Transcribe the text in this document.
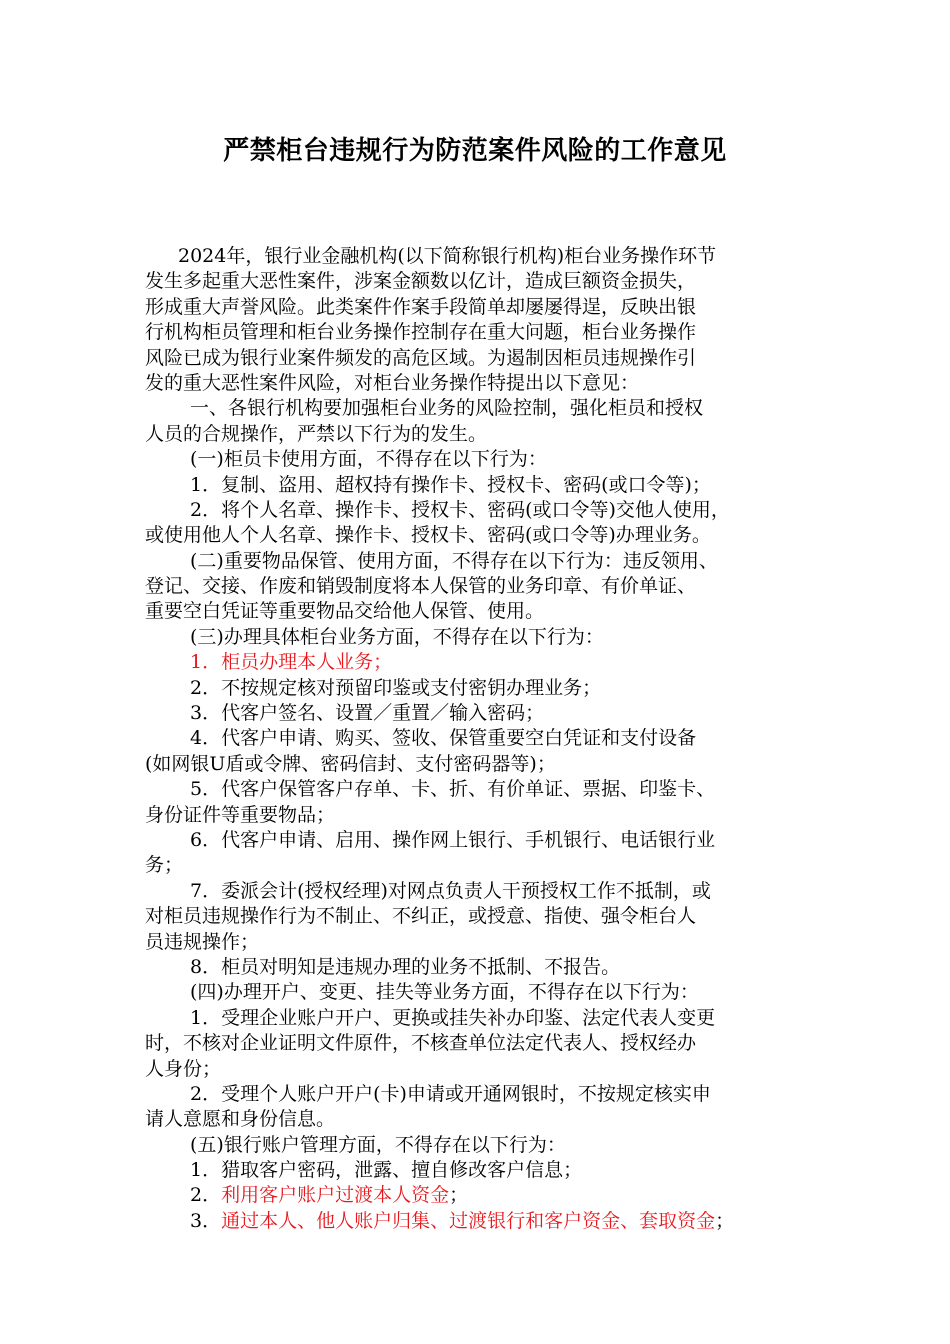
严禁柜台违规行为防范案件风险的工作意见
2024年，银行业金融机构(以下简称银行机构)柜台业务操作环节
发生多起重大恶性案件，涉案金额数以亿计，造成巨额资金损失，
形成重大声誉风险。此类案件作案手段简单却屡屡得逞，反映出银
行机构柜员管理和柜台业务操作控制存在重大问题，柜台业务操作
风险已成为银行业案件频发的高危区域。为遏制因柜员违规操作引
发的重大恶性案件风险，对柜台业务操作特提出以下意见：
一、各银行机构要加强柜台业务的风险控制，强化柜员和授权
人员的合规操作，严禁以下行为的发生。
(一)柜员卡使用方面，不得存在以下行为：
1．复制、盗用、超权持有操作卡、授权卡、密码(或口令等)；
2．将个人名章、操作卡、授权卡、密码(或口令等)交他人使用，
或使用他人个人名章、操作卡、授权卡、密码(或口令等)办理业务。
(二)重要物品保管、使用方面，不得存在以下行为：违反领用、
登记、交接、作废和销毁制度将本人保管的业务印章、有价单证、
重要空白凭证等重要物品交给他人保管、使用。
(三)办理具体柜台业务方面，不得存在以下行为：
1．柜员办理本人业务；
2．不按规定核对预留印鉴或支付密钥办理业务；
3．代客户签名、设置／重置／输入密码；
4．代客户申请、购买、签收、保管重要空白凭证和支付设备
(如网银U盾或令牌、密码信封、支付密码器等)；
5．代客户保管客户存单、卡、折、有价单证、票据、印鉴卡、
身份证件等重要物品；
6．代客户申请、启用、操作网上银行、手机银行、电话银行业
务；
7．委派会计(授权经理)对网点负责人干预授权工作不抵制，或
对柜员违规操作行为不制止、不纠正，或授意、指使、强令柜台人
员违规操作；
8．柜员对明知是违规办理的业务不抵制、不报告。
(四)办理开户、变更、挂失等业务方面，不得存在以下行为：
1．受理企业账户开户、更换或挂失补办印鉴、法定代表人变更
时，不核对企业证明文件原件，不核查单位法定代表人、授权经办
人身份；
2．受理个人账户开户(卡)申请或开通网银时，不按规定核实申
请人意愿和身份信息。
(五)银行账户管理方面，不得存在以下行为：
1．猎取客户密码，泄露、擅自修改客户信息；
2．利用客户账户过渡本人资金；
3．通过本人、他人账户归集、过渡银行和客户资金、套取资金；
